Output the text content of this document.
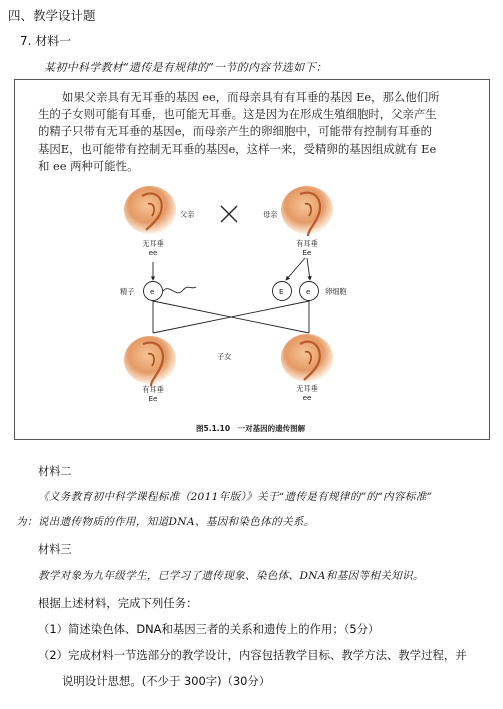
四、教学设计题
7. 材料一
某初中科学教材“遗传是有规律的”一节的内容节选如下：
如果父亲具有无耳垂的基因 ee，而母亲具有有耳垂的基因 Ee，那么他们所
生的子女则可能有耳垂，也可能无耳垂。这是因为在形成生殖细胞时，父亲产生
的精子只带有无耳垂的基因e，而母亲产生的卵细胞中，可能带有控制有耳垂的
基因E，也可能带有控制无耳垂的基因e，这样一来，受精卵的基因组成就有 Ee
和 ee 两种可能性。
父亲	母亲
无耳垂
ee
有耳垂
Ee
精子 e	E	e 卵细胞
子女
有耳垂
Ee
无耳垂
ee
图5.1.10　一对基因的遗传图解
材料二
《义务教育初中科学课程标准（2011年版）》关于“遗传是有规律的”的“内容标准”
为：说出遗传物质的作用，知道DNA、基因和染色体的关系。
材料三
教学对象为九年级学生，已学习了遗传现象、染色体、DNA和基因等相关知识。
根据上述材料，完成下列任务：
（1）简述染色体、DNA和基因三者的关系和遗传上的作用；（5分）
（2）完成材料一节选部分的教学设计，内容包括教学目标、教学方法、教学过程，并
说明设计思想。(不少于 300字)（30分）
